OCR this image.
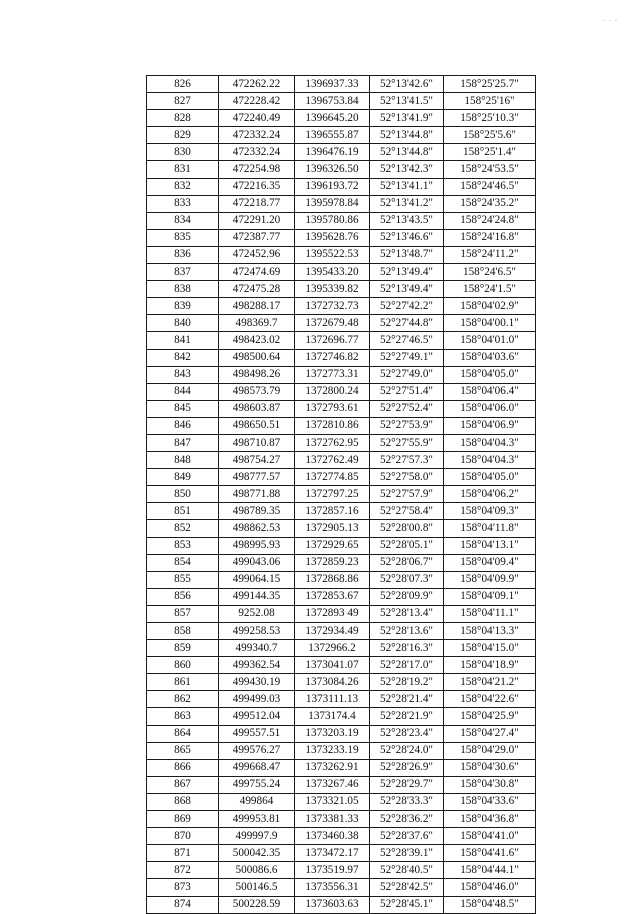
. . .
826	472262.22	1396937.33	52°13'42.6"	158°25'25.7"
827	472228.42	1396753.84	52°13'41.5"	158°25'16"
828	472240.49	1396645.20	52°13'41.9"	158°25'10.3"
829	472332.24	1396555.87	52°13'44.8"	158°25'5.6"
830	472332.24	1396476.19	52°13'44.8"	158°25'1.4"
831	472254.98	1396326.50	52°13'42.3"	158°24'53.5"
832	472216.35	1396193.72	52°13'41.1"	158°24'46.5"
833	472218.77	1395978.84	52°13'41.2"	158°24'35.2"
834	472291.20	1395780.86	52°13'43.5"	158°24'24.8"
835	472387.77	1395628.76	52°13'46.6"	158°24'16.8"
836	472452.96	1395522.53	52°13'48.7"	158°24'11.2"
837	472474.69	1395433.20	52°13'49.4"	158°24'6.5"
838	472475.28	1395339.82	52°13'49.4"	158°24'1.5"
839	498288.17	1372732.73	52°27'42.2"	158°04'02.9"
840	498369.7	1372679.48	52°27'44.8"	158°04'00.1"
841	498423.02	1372696.77	52°27'46.5"	158°04'01.0"
842	498500.64	1372746.82	52°27'49.1"	158°04'03.6"
843	498498.26	1372773.31	52°27'49.0"	158°04'05.0"
844	498573.79	1372800.24	52°27'51.4"	158°04'06.4"
845	498603.87	1372793.61	52°27'52.4"	158°04'06.0"
846	498650.51	1372810.86	52°27'53.9"	158°04'06.9"
847	498710.87	1372762.95	52°27'55.9"	158°04'04.3"
848	498754.27	1372762.49	52°27'57.3"	158°04'04.3"
849	498777.57	1372774.85	52°27'58.0"	158°04'05.0"
850	498771.88	1372797.25	52°27'57.9"	158°04'06.2"
851	498789.35	1372857.16	52°27'58.4"	158°04'09.3"
852	498862.53	1372905.13	52°28'00.8"	158°04'11.8"
853	498995.93	1372929.65	52°28'05.1"	158°04'13.1"
854	499043.06	1372859.23	52°28'06.7"	158°04'09.4"
855	499064.15	1372868.86	52°28'07.3"	158°04'09.9"
856	499144.35	1372853.67	52°28'09.9"	158°04'09.1"
857	9252.08	1372893 49	52°28'13.4"	158°04'11.1"
858	499258.53	1372934.49	52°28'13.6"	158°04'13.3"
859	499340.7	1372966.2	52°28'16.3"	158°04'15.0"
860	499362.54	1373041.07	52°28'17.0"	158°04'18.9"
861	499430.19	1373084.26	52°28'19.2"	158°04'21.2"
862	499499.03	1373111.13	52°28'21.4"	158°04'22.6"
863	499512.04	1373174.4	52°28'21.9"	158°04'25.9"
864	499557.51	1373203.19	52°28'23.4"	158°04'27.4"
865	499576.27	1373233.19	52°28'24.0"	158°04'29.0"
866	499668.47	1373262.91	52°28'26.9"	158°04'30.6"
867	499755.24	1373267.46	52°28'29.7"	158°04'30.8"
868	499864	1373321.05	52°28'33.3"	158°04'33.6"
869	499953.81	1373381.33	52°28'36.2"	158°04'36.8"
870	499997.9	1373460.38	52°28'37.6"	158°04'41.0"
871	500042.35	1373472.17	52°28'39.1"	158°04'41.6"
872	500086.6	1373519.97	52°28'40.5"	158°04'44.1"
873	500146.5	1373556.31	52°28'42.5"	158°04'46.0"
874	500228.59	1373603.63	52°28'45.1"	158°04'48.5"
